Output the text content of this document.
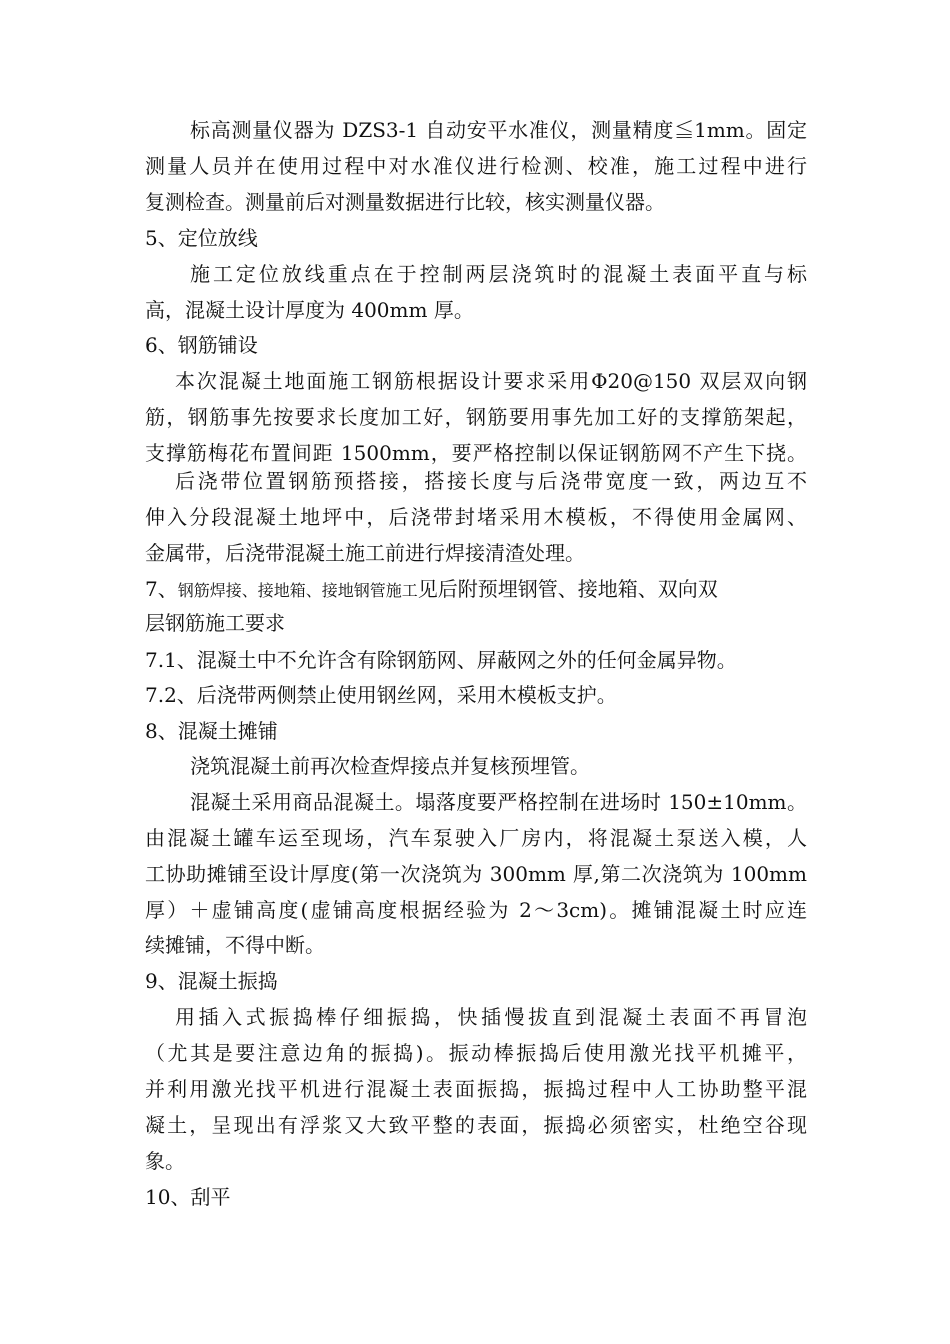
标高测量仪器为 DZS3-1 自动安平水准仪，测量精度≦1mm。固定
测量人员并在使用过程中对水准仪进行检测、校准，施工过程中进行
复测检查。测量前后对测量数据进行比较，核实测量仪器。
5、定位放线
施工定位放线重点在于控制两层浇筑时的混凝土表面平直与标
高，混凝土设计厚度为 400mm 厚。
6、钢筋铺设
本次混凝土地面施工钢筋根据设计要求采用Φ20@150 双层双向钢
筋，钢筋事先按要求长度加工好，钢筋要用事先加工好的支撑筋架起，
支撑筋梅花布置间距 1500mm，要严格控制以保证钢筋网不产生下挠。
后浇带位置钢筋预搭接，搭接长度与后浇带宽度一致，两边互不
伸入分段混凝土地坪中，后浇带封堵采用木模板，不得使用金属网、
金属带，后浇带混凝土施工前进行焊接清渣处理。
7、钢筋焊接、接地箱、接地钢管施工见后附预埋钢管、接地箱、双向双
层钢筋施工要求
7.1、混凝土中不允许含有除钢筋网、屏蔽网之外的任何金属异物。
7.2、后浇带两侧禁止使用钢丝网，采用木模板支护。
8、混凝土摊铺
浇筑混凝土前再次检查焊接点并复核预埋管。
混凝土采用商品混凝土。塌落度要严格控制在进场时 150±10mm。
由混凝土罐车运至现场，汽车泵驶入厂房内，将混凝土泵送入模，人
工协助摊铺至设计厚度(第一次浇筑为 300mm 厚,第二次浇筑为 100mm
厚）＋虚铺高度(虚铺高度根据经验为 2～3cm)。摊铺混凝土时应连
续摊铺，不得中断。
9、混凝土振捣
用插入式振捣棒仔细振捣，快插慢拔直到混凝土表面不再冒泡
（尤其是要注意边角的振捣)。振动棒振捣后使用激光找平机摊平，
并利用激光找平机进行混凝土表面振捣，振捣过程中人工协助整平混
凝土，呈现出有浮浆又大致平整的表面，振捣必须密实，杜绝空谷现
象。
10、刮平
